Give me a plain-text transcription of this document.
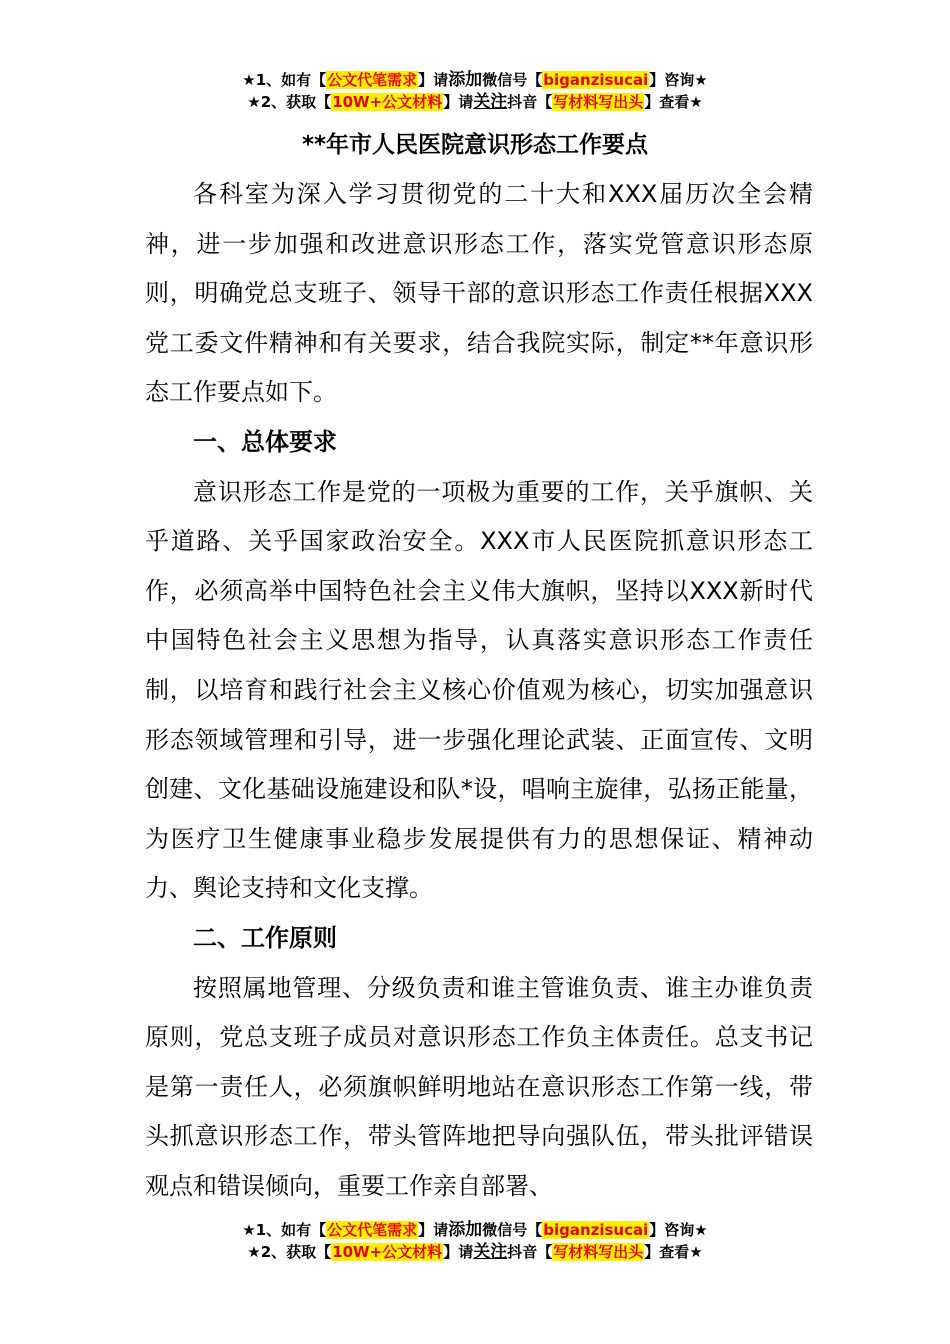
★1、如有【公文代笔需求】请添加微信号【biganzisucai】咨询★
★2、获取【10W+公文材料】请关注抖音【写材料写出头】查看★
**年市人民医院意识形态工作要点

各科室为深入学习贯彻党的二十大和XXX届历次全会精神，进一步加强和改进意识形态工作，落实党管意识形态原则，明确党总支班子、领导干部的意识形态工作责任根据XXX党工委文件精神和有关要求，结合我院实际，制定**年意识形态工作要点如下。

一、总体要求

意识形态工作是党的一项极为重要的工作，关乎旗帜、关乎道路、关乎国家政治安全。XXX市人民医院抓意识形态工作，必须高举中国特色社会主义伟大旗帜，坚持以XXX新时代中国特色社会主义思想为指导，认真落实意识形态工作责任制，以培育和践行社会主义核心价值观为核心，切实加强意识形态领域管理和引导，进一步强化理论武装、正面宣传、文明创建、文化基础设施建设和队*设，唱响主旋律，弘扬正能量，为医疗卫生健康事业稳步发展提供有力的思想保证、精神动力、舆论支持和文化支撑。

二、工作原则

按照属地管理、分级负责和谁主管谁负责、谁主办谁负责原则，党总支班子成员对意识形态工作负主体责任。总支书记是第一责任人，必须旗帜鲜明地站在意识形态工作第一线，带头抓意识形态工作，带头管阵地把导向强队伍，带头批评错误观点和错误倾向，重要工作亲自部署、

★1、如有【公文代笔需求】请添加微信号【biganzisucai】咨询★
★2、获取【10W+公文材料】请关注抖音【写材料写出头】查看★
